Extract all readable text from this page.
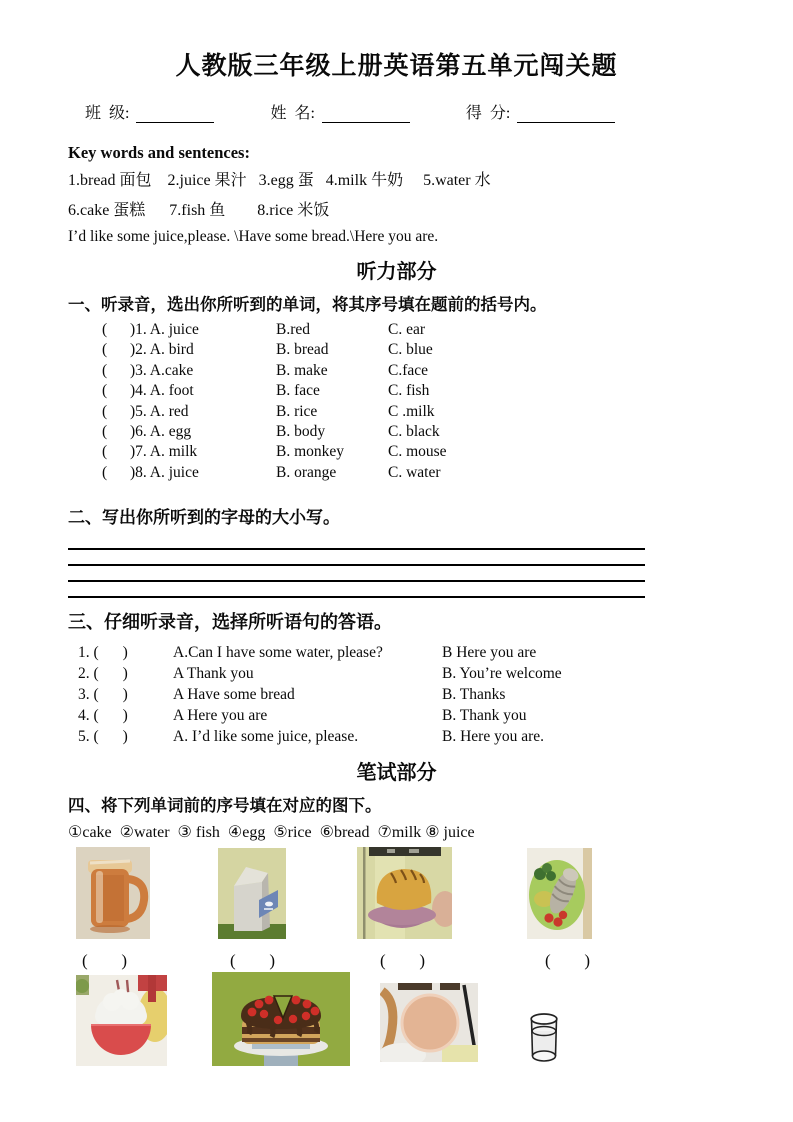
人教版三年级上册英语第五单元闯关题
班  级:	姓  名:	得  分:
Key words and sentences:
1.bread 面包    2.juice 果汁   3.egg 蛋   4.milk 牛奶     5.water 水
6.cake 蛋糕      7.fish 鱼        8.rice 米饭
I’d like some juice,please. \Have some bread.\Here you are.
听力部分
一、听录音，选出你所听到的单词，将其序号填在题前的括号内。
(	)1. A. juice	B.red	C. ear
(	)2. A. bird	B. bread	C. blue
(	)3. A.cake	B. make	C.face
(	)4. A. foot	B. face	C. fish
(	)5. A. red	B. rice	C .milk
(	)6. A. egg	B. body	C. black
(	)7. A. milk	B. monkey	C. mouse
(	)8. A. juice	B. orange	C. water
二、写出你所听到的字母的大小写。
三、仔细听录音，选择所听语句的答语。
1. ( )	A.Can I have some water, please?	B Here you are
2. ( )	A Thank you	B. You’re welcome
3. ( )	A Have some bread	B. Thanks
4. ( )	A Here you are	B. Thank you
5. ( )	A. I’d like some juice, please.	B. Here you are.
笔试部分
四、将下列单词前的序号填在对应的图下。
①cake  ②water  ③ fish  ④egg  ⑤rice  ⑥bread  ⑦milk ⑧ juice
( )	( )	( )	( )
